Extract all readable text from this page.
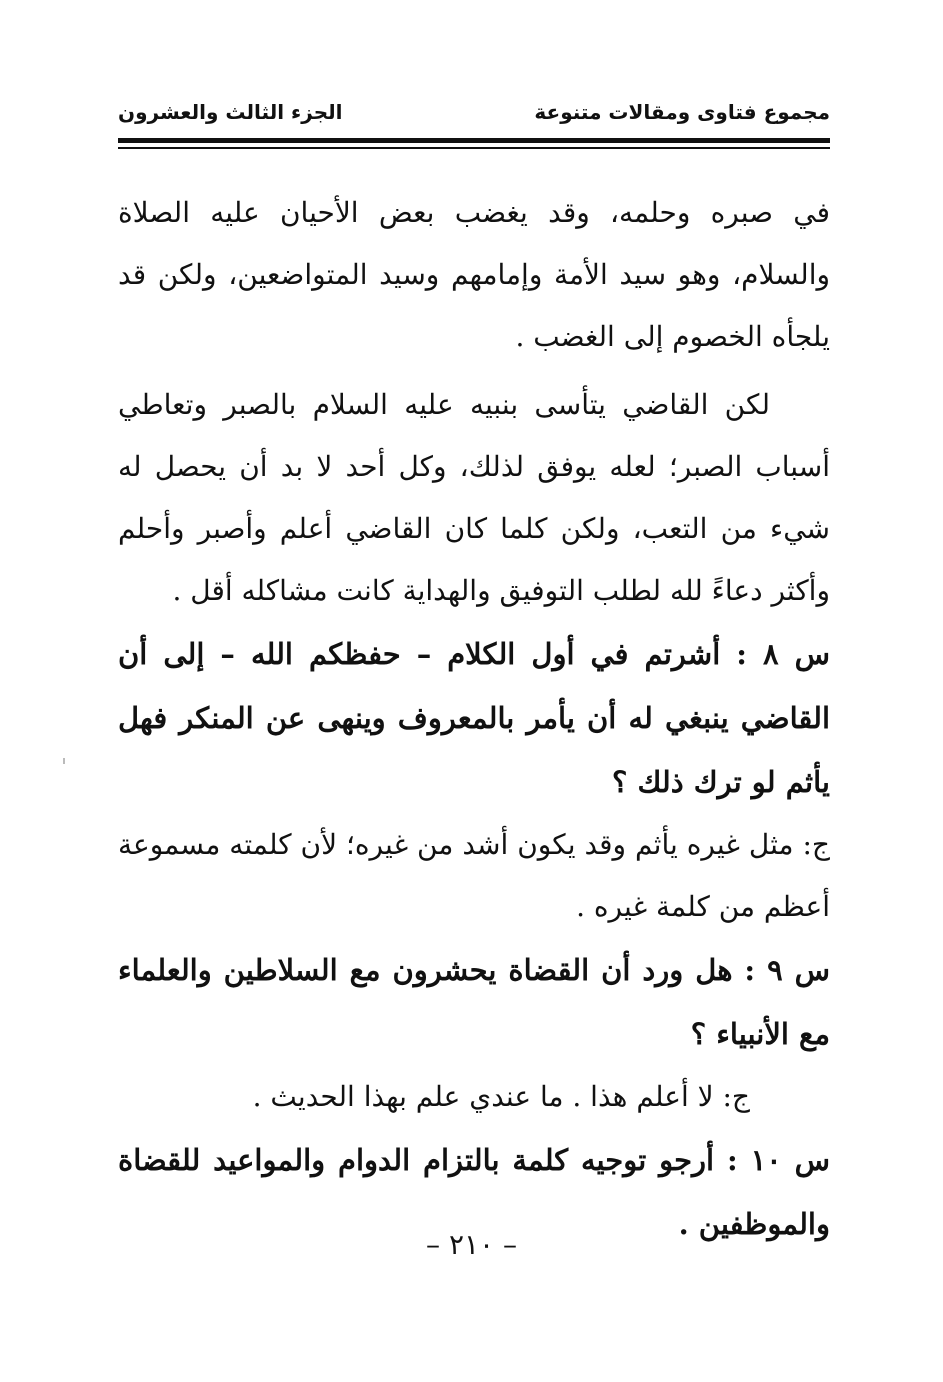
مجموع فتاوى ومقالات متنوعة
الجزء الثالث والعشرون

في صبره وحلمه، وقد يغضب بعض الأحيان عليه الصلاة والسلام، وهو سيد الأمة وإمامهم وسيد المتواضعين، ولكن قد يلجأه الخصوم إلى الغضب .

لكن القاضي يتأسى بنبيه عليه السلام بالصبر وتعاطي أسباب الصبر؛ لعله يوفق لذلك، وكل أحد لا بد أن يحصل له شيء من التعب، ولكن كلما كان القاضي أعلم وأصبر وأحلم وأكثر دعاءً لله لطلب التوفيق والهداية كانت مشاكله أقل .

س ٨ : أشرتم في أول الكلام – حفظكم الله – إلى أن القاضي ينبغي له أن يأمر بالمعروف وينهى عن المنكر فهل يأثم لو ترك ذلك ؟

ج: مثل غيره يأثم وقد يكون أشد من غيره؛ لأن كلمته مسموعة أعظم من كلمة غيره .

س ٩ : هل ورد أن القضاة يحشرون مع السلاطين والعلماء مع الأنبياء ؟

ج: لا أعلم هذا . ما عندي علم بهذا الحديث .

س ١٠ : أرجو توجيه كلمة بالتزام الدوام والمواعيد للقضاة والموظفين .

– ٢١٠ –
